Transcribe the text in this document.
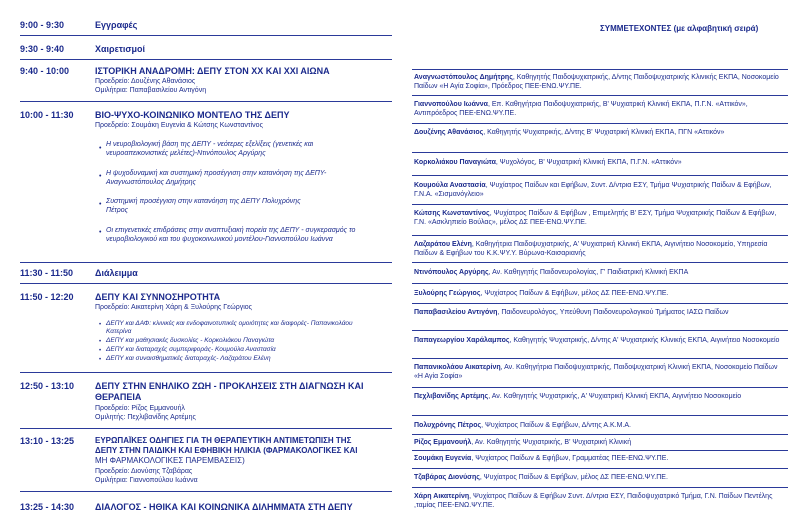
9:00 - 9:30	Εγγραφές
9:30 - 9:40	Χαιρετισμοί
9:40 - 10:00	ΙΣΤΟΡΙΚΗ ΑΝΑΔΡΟΜΗ: ΔΕΠΥ ΣΤΟΝ ΧΧ ΚΑΙ ΧΧΙ ΑΙΩΝΑ
Προεδρείο: Δουζένης Αθανάσιος
Ομιλήτρια: Παπαβασιλείου Αντιγόνη
10:00 - 11:30 ΒΙΟ-ΨΥΧΟ-ΚΟΙΝΩΝΙΚΟ ΜΟΝΤΕΛΟ ΤΗΣ ΔΕΠΥ
Προεδρείο: Σουμάκη Ευγενία & Κώτσης Κωνσταντίνος
•
Η νευροβιολογική βάση της ΔΕΠΥ - νεότερες εξελίξεις (γενετικές και νευροαπεικονιστικές μελέτες)-Ντινόπουλος Αργύρης
• Η ψυχοδυναμική και συστημική προσέγγιση στην κατανόηση της ΔΕΠΥ-Αναγνωστόπουλος Δημήτρης
• Συστημική προσέγγιση στην κατανόηση της ΔΕΠΥ Πολυχρόνης Πέτρος
• Οι επιγενετικές επιδράσεις στην αναπτυξιακή πορεία της ΔΕΠΥ - συγκερασμός το νευροβιολογικού και του ψυχοκοινωνικού μοντέλου-Γιαννοπούλου Ιωάννα
11:30 - 11:50 Διάλειμμα
11:50 - 12:20 ΔΕΠΥ ΚΑΙ ΣΥΝΝΟΣΗΡΟΤΗΤΑ
Προεδρείο: Αικατερίνη Χάρη & Ξυλούρης Γεώργιος
• ΔΕΠΥ και ΔΑΦ: κλινικές και ενδοφαινοτυπικές ομοιότητες και διαφορές- Παπανικολάου Κατερίνα
• ΔΕΠΥ και μαθησιακές δυσκολίες - Κορκολιάκου Παναγιώτα
• ΔΕΠΥ και διαταραχές συμπεριφοράς- Κουμούλα Αναστασία
• ΔΕΠΥ και συναισθηματικές διαταραχές- Λαζαράτου Ελένη
12:50 - 13:10 ΔΕΠΥ ΣΤΗΝ ΕΝΗΛΙΚΟ ΖΩΗ - ΠΡΟΚΛΗΣΕΙΣ ΣΤΗ ΔΙΑΓΝΩΣΗ ΚΑΙ
ΘΕΡΑΠΕΙΑ
Προεδρείο: Ρίζος Εμμανουήλ
Ομιλητής: Πεχλιβανίδης Αρτέμης
13:10 - 13:25	ΕΥΡΩΠΑΪΚΕΣ ΟΔΗΓΙΕΣ ΓΙΑ ΤΗ ΘΕΡΑΠΕΥΤΙΚΗ ΑΝΤΙΜΕΤΩΠΙΣΗ ΤΗΣ
ΔΕΠΥ ΣΤΗΝ ΠΑΙΔΙΚΗ ΚΑΙ ΕΦΗΒΙΚΗ ΗΛΙΚΙΑ (ΦΑΡΜΑΚΟΛΟΓΙΚΕΣ ΚΑΙ
ΜΗ ΦΑΡΜΑΚΟΛΟΓΙΚΕΣ ΠΑΡΕΜΒΑΣΕΙΣ)
Προεδρείο: Διονύσης Τζαβάρας
Ομιλήτρια: Γιαννοπούλου Ιωάννα
13:25 - 14:30 ΔΙΑΛΟΓΟΣ - ΗΘΙΚΑ ΚΑΙ ΚΟΙΝΩΝΙΚΑ ΔΙΛΗΜΜΑΤΑ ΣΤΗ ΔΕΠΥ
ΣΥΜΜΕΤΕΧΟΝΤΕΣ (με αλφαβητική σειρά)
Αναγνωστόπουλος Δημήτρης, Καθηγητής Παιδοψυχιατρικής, Δ/ντης Παιδοψυχιατρικής Κλινικής ΕΚΠΑ, Νοσοκομείο Παίδων «Η Αγία Σοφία», Πρόεδρος ΠΕΕ-ΕΝΩ.ΨΥ.ΠΕ.
Γιαννοπούλου Ιωάννα, Επ. Καθηγήτρια Παιδοψυχιατρικής, Β' Ψυχιατρική Κλινική ΕΚΠΑ, Π.Γ.Ν. «Αττικόν», Αντιπρόεδρος ΠΕΕ-ΕΝΩ.ΨΥ.ΠΕ.
Δουζένης Αθανάσιος, Καθηγητής Ψυχιατρικής, Δ/ντης Β' Ψυχιατρική Κλινική ΕΚΠΑ, ΠΓΝ «Αττικόν»
Κορκολιάκου Παναγιώτα, Ψυχολόγος, Β' Ψυχιατρική Κλινική ΕΚΠΑ, Π.Γ.Ν. «Αττικόν»
Κουμούλα Αναστασία, Ψυχίατρος Παίδων και Εφήβων, Συντ. Δ/ντρια ΕΣΥ, Τμήμα Ψυχιατρικής Παίδων & Εφήβων, Γ.Ν.Α. «Σισμανόγλειο»
Κώτσης Κωνσταντίνος, Ψυχίατρος Παίδων & Εφήβων , Επιμελητής Β' ΕΣΥ, Τμήμα Ψυχιατρικής Παίδων & Εφήβων, Γ.Ν. «Ασκληπιείο Βούλας», μέλος ΔΣ ΠΕΕ-ΕΝΩ.ΨΥ.ΠΕ.
Λαζαράτου Ελένη, Καθηγήτρια Παιδοψυχιατρικής, Α' Ψυχιατρική Κλινική ΕΚΠΑ, Αιγινήτειο Νοσοκομείο, Υπηρεσία Παίδων & Εφήβων του Κ.Κ.ΨΥ.Υ. Βύρωνα-Καισαριανής
Ντινόπουλος Αργύρης, Αν. Καθηγητής Παιδονευρολογίας, Γ' Παιδιατρική Κλινική ΕΚΠΑ
Ξυλούρης Γεώργιος, Ψυχίατρος Παίδων & Εφήβων, μέλος ΔΣ ΠΕΕ-ΕΝΩ.ΨΥ.ΠΕ.
Παπαβασιλείου Αντιγόνη, Παιδονευρολόγος, Υπεύθυνη Παιδονευρολογικού Τμήματος ΙΑΣΩ Παίδων
Παπαγεωργίου Χαράλαμπος, Καθηγητής Ψυχιατρικής, Δ/ντης Α' Ψυχιατρικής Κλινικής ΕΚΠΑ, Αιγινήτειο Νοσοκομείο
Παπανικολάου Αικατερίνη, Αν. Καθηγήτρια Παιδοψυχιατρικής, Παιδοψυχιατρική Κλινική ΕΚΠΑ, Νοσοκομείο Παίδων «Η Αγία Σοφία»
Πεχλιβανίδης Αρτέμης, Αν. Καθηγητής Ψυχιατρικής, Α' Ψυχιατρική Κλινική ΕΚΠΑ, Αιγινήτειο Νοσοκομείο
Πολυχρόνης Πέτρος, Ψυχίατρος Παίδων & Εφήβων, Δ/ντης Α.Κ.Μ.Α.
Ρίζος Εμμανουήλ, Αν. Καθηγητής Ψυχιατρικής, Β' Ψυχιατρική Κλινική
Σουμάκη Ευγενία, Ψυχίατρος Παίδων & Εφήβων, Γραμματέας ΠΕΕ-ΕΝΩ.ΨΥ.ΠΕ.
Τζαβάρας Διονύσης, Ψυχίατρος Παίδων & Εφήβων, μέλος ΔΣ ΠΕΕ-ΕΝΩ.ΨΥ.ΠΕ.
Χάρη Αικατερίνη, Ψυχίατρος Παίδων & Εφήβων Συντ. Δ/ντρια ΕΣΥ, Παιδοψυχιατρικό Τμήμα, Γ.Ν. Παίδων Πεντέλης ,ταμίας ΠΕΕ-ΕΝΩ.ΨΥ.ΠΕ.
